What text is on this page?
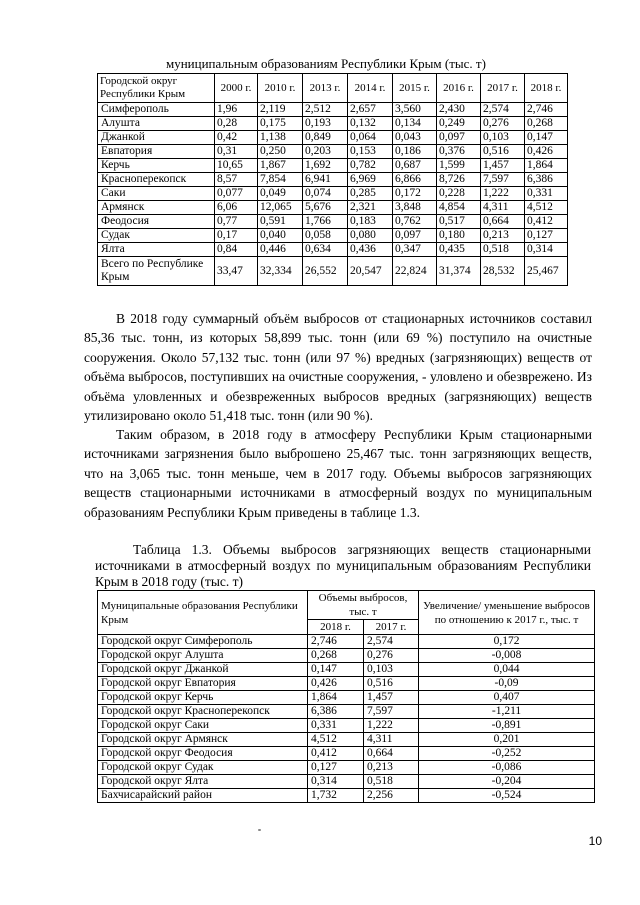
муниципальным образованиям Республики Крым (тыс. т)
Городской округ Республики Крым	2000 г.	2010 г.	2013 г.	2014 г.	2015 г.	2016 г.	2017 г.	2018 г.
Симферополь	1,96	2,119	2,512	2,657	3,560	2,430	2,574	2,746
Алушта	0,28	0,175	0,193	0,132	0,134	0,249	0,276	0,268
Джанкой	0,42	1,138	0,849	0,064	0,043	0,097	0,103	0,147
Евпатория	0,31	0,250	0,203	0,153	0,186	0,376	0,516	0,426
Керчь	10,65	1,867	1,692	0,782	0,687	1,599	1,457	1,864
Красноперекопск	8,57	7,854	6,941	6,969	6,866	8,726	7,597	6,386
Саки	0,077	0,049	0,074	0,285	0,172	0,228	1,222	0,331
Армянск	6,06	12,065	5,676	2,321	3,848	4,854	4,311	4,512
Феодосия	0,77	0,591	1,766	0,183	0,762	0,517	0,664	0,412
Судак	0,17	0,040	0,058	0,080	0,097	0,180	0,213	0,127
Ялта	0,84	0,446	0,634	0,436	0,347	0,435	0,518	0,314
Всего по Республике Крым	33,47	32,334	26,552	20,547	22,824	31,374	28,532	25,467

В 2018 году суммарный объём выбросов от стационарных источников составил 85,36 тыс. тонн, из которых 58,899 тыс. тонн (или 69 %) поступило на очистные сооружения. Около 57,132 тыс. тонн (или 97 %) вредных (загрязняющих) веществ от объёма выбросов, поступивших на очистные сооружения, - уловлено и обезврежено. Из объёма уловленных и обезвреженных выбросов вредных (загрязняющих) веществ утилизировано около 51,418 тыс. тонн (или 90 %).

Таким образом, в 2018 году в атмосферу Республики Крым стационарными источниками загрязнения было выброшено 25,467 тыс. тонн загрязняющих веществ, что на 3,065 тыс. тонн меньше, чем в 2017 году. Объемы выбросов загрязняющих веществ стационарными источниками в атмосферный воздух по муниципальным образованиям Республики Крым приведены в таблице 1.3.

Таблица 1.3. Объемы выбросов загрязняющих веществ стационарными источниками в атмосферный воздух по муниципальным образованиям Республики Крым в 2018 году (тыс. т)

Муниципальные образования Республики Крым	Объемы выбросов, тыс. т		Увеличение/ уменьшение выбросов по отношению к 2017 г., тыс. т
	2018 г.	2017 г.	
Городской округ Симферополь	2,746	2,574	0,172
Городской округ Алушта	0,268	0,276	-0,008
Городской округ Джанкой	0,147	0,103	0,044
Городской округ Евпатория	0,426	0,516	-0,09
Городской округ Керчь	1,864	1,457	0,407
Городской округ Красноперекопск	6,386	7,597	-1,211
Городской округ Саки	0,331	1,222	-0,891
Городской округ Армянск	4,512	4,311	0,201
Городской округ Феодосия	0,412	0,664	-0,252
Городской округ Судак	0,127	0,213	-0,086
Городской округ Ялта	0,314	0,518	-0,204
Бахчисарайский район	1,732	2,256	-0,524
10
